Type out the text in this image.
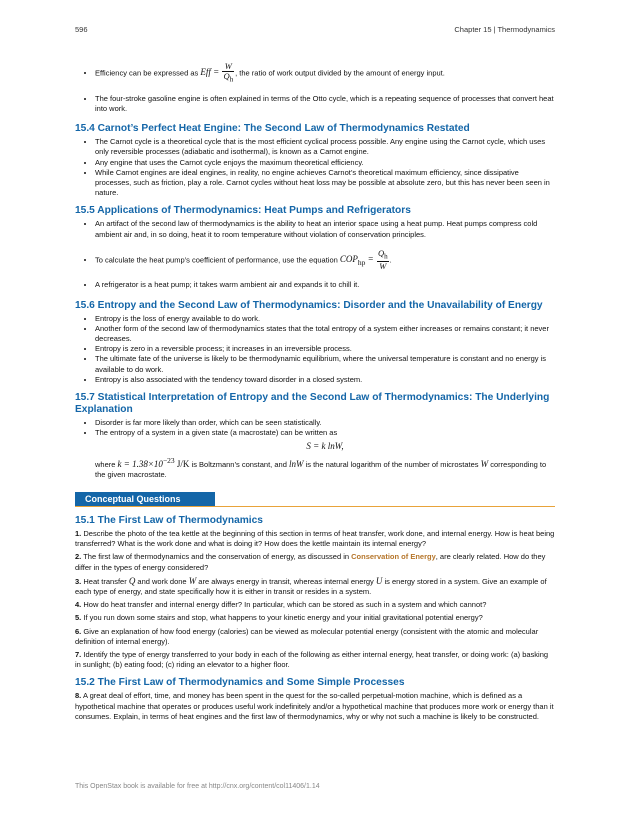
596	Chapter 15 | Thermodynamics
• Efficiency can be expressed as Eff = $\frac{W}{Q_h}$ , the ratio of work output divided by the amount of energy input.
• The four-stroke gasoline engine is often explained in terms of the Otto cycle, which is a repeating sequence of processes that convert heat into work.
15.4 Carnot’s Perfect Heat Engine: The Second Law of Thermodynamics Restated
• The Carnot cycle is a theoretical cycle that is the most efficient cyclical process possible. Any engine using the Carnot cycle, which uses only reversible processes (adiabatic and isothermal), is known as a Carnot engine.
• Any engine that uses the Carnot cycle enjoys the maximum theoretical efficiency.
• While Carnot engines are ideal engines, in reality, no engine achieves Carnot’s theoretical maximum efficiency, since dissipative processes, such as friction, play a role. Carnot cycles without heat loss may be possible at absolute zero, but this has never been seen in nature.
15.5 Applications of Thermodynamics: Heat Pumps and Refrigerators
• An artifact of the second law of thermodynamics is the ability to heat an interior space using a heat pump. Heat pumps compress cold ambient air and, in so doing, heat it to room temperature without violation of conservation principles.
• To calculate the heat pump’s coefficient of performance, use the equation $COP_{hp} = \frac{Q_h}{W}$ .
• A refrigerator is a heat pump; it takes warm ambient air and expands it to chill it.
15.6 Entropy and the Second Law of Thermodynamics: Disorder and the Unavailability of Energy
• Entropy is the loss of energy available to do work.
• Another form of the second law of thermodynamics states that the total entropy of a system either increases or remains constant; it never decreases.
• Entropy is zero in a reversible process; it increases in an irreversible process.
• The ultimate fate of the universe is likely to be thermodynamic equilibrium, where the universal temperature is constant and no energy is available to do work.
• Entropy is also associated with the tendency toward disorder in a closed system.
15.7 Statistical Interpretation of Entropy and the Second Law of Thermodynamics: The Underlying Explanation
• Disorder is far more likely than order, which can be seen statistically.
• The entropy of a system in a given state (a macrostate) can be written as
S = k lnW,
where $k = 1.38\times 10^{-23}$ J/K is Boltzmann’s constant, and lnW is the natural logarithm of the number of microstates W corresponding to the given macrostate.
Conceptual Questions
15.1 The First Law of Thermodynamics

1. Describe the photo of the tea kettle at the beginning of this section in terms of heat transfer, work done, and internal energy. How is heat being transferred? What is the work done and what is doing it? How does the kettle maintain its internal energy?

2. The first law of thermodynamics and the conservation of energy, as discussed in Conservation of Energy, are clearly related. How do they differ in the types of energy considered?

3. Heat transfer Q and work done W are always energy in transit, whereas internal energy U is energy stored in a system. Give an example of each type of energy, and state specifically how it is either in transit or resides in a system.

4. How do heat transfer and internal energy differ? In particular, which can be stored as such in a system and which cannot?

5. If you run down some stairs and stop, what happens to your kinetic energy and your initial gravitational potential energy?

6. Give an explanation of how food energy (calories) can be viewed as molecular potential energy (consistent with the atomic and molecular definition of internal energy).

7. Identify the type of energy transferred to your body in each of the following as either internal energy, heat transfer, or doing work: (a) basking in sunlight; (b) eating food; (c) riding an elevator to a higher floor.

15.2 The First Law of Thermodynamics and Some Simple Processes

8. A great deal of effort, time, and money has been spent in the quest for the so-called perpetual-motion machine, which is defined as a hypothetical machine that operates or produces useful work indefinitely and/or a hypothetical machine that produces more work or energy than it consumes. Explain, in terms of heat engines and the first law of thermodynamics, why or why not such a machine is likely to be constructed.

This OpenStax book is available for free at http://cnx.org/content/col11406/1.14
